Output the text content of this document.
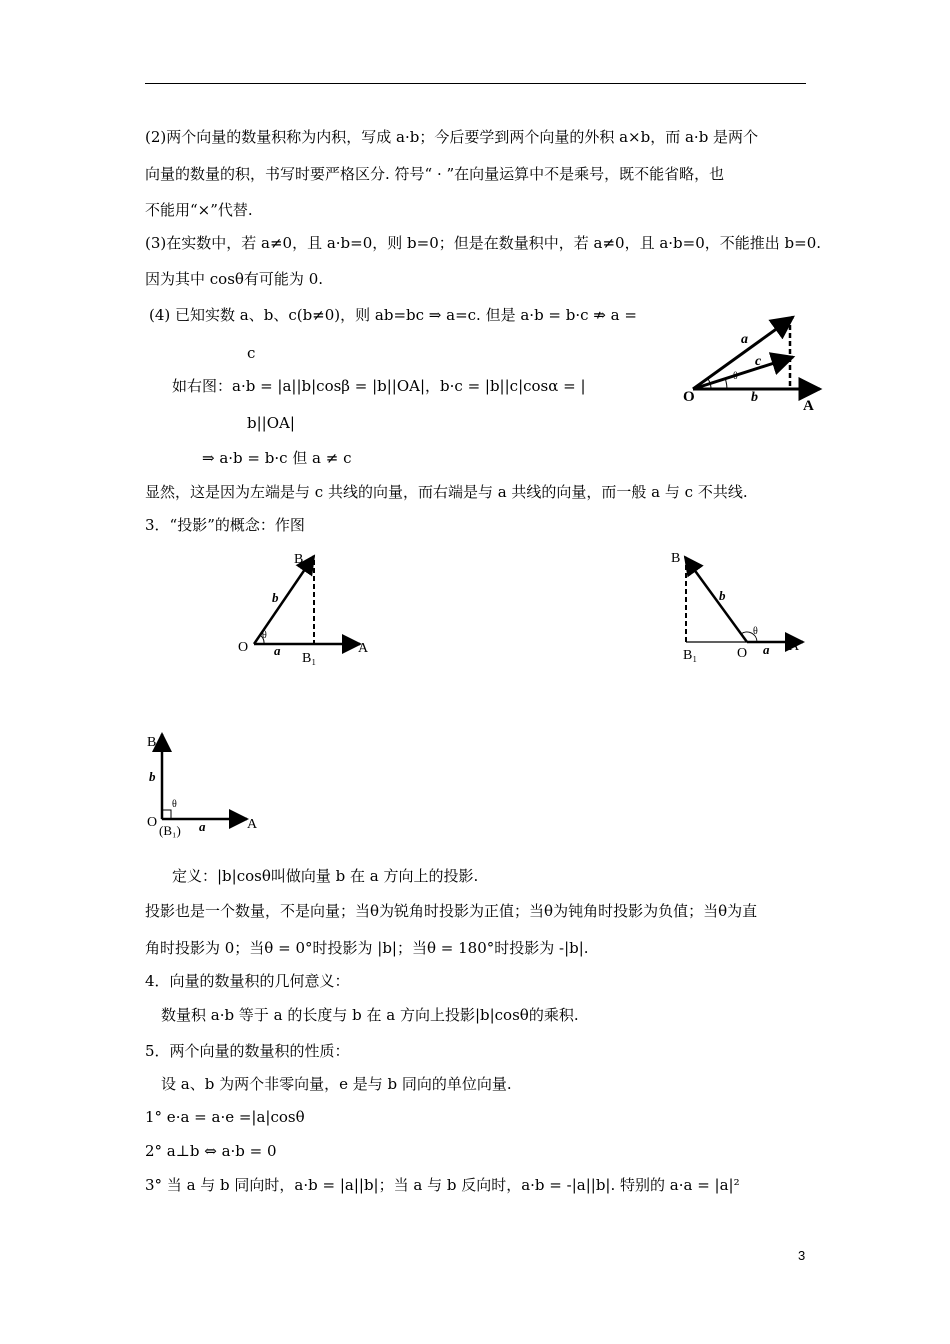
(2)两个向量的数量积称为内积，写成 a·b；今后要学到两个向量的外积 a×b，而 a·b 是两个
向量的数量的积，书写时要严格区分. 符号“ · ”在向量运算中不是乘号，既不能省略，也
不能用“×”代替.
(3)在实数中，若 a≠0，且 a·b=0，则 b=0；但是在数量积中，若 a≠0，且 a·b=0，不能推出 b=0.
因为其中 cosθ有可能为 0.
(4) 已知实数 a、b、c(b≠0)，则 ab=bc ⇒ a=c. 但是 a·b = b·c ⇏ a =
c
如右图：a·b = |a||b|cosβ = |b||OA|，b·c = |b||c|cosα = |
b||OA|
⇒ a·b = b·c 但 a ≠ c
显然，这是因为左端是与 c 共线的向量，而右端是与 a 共线的向量，而一般 a 与 c 不共线.
3．“投影”的概念：作图
O
A
a
c
b
θ
B
O	A
B₁
a
b
θ
B
B₁	O	A
a
b
θ
B
O
(B₁)	A
a
b
θ
定义：|b|cosθ叫做向量 b 在 a 方向上的投影.
投影也是一个数量，不是向量；当θ为锐角时投影为正值；当θ为钝角时投影为负值；当θ为直
角时投影为 0；当θ = 0°时投影为 |b|；当θ = 180°时投影为 -|b|.
4．向量的数量积的几何意义：
数量积 a·b 等于 a 的长度与 b 在 a 方向上投影|b|cosθ的乘积.
5．两个向量的数量积的性质：
设 a、b 为两个非零向量，e 是与 b 同向的单位向量.
1° e·a = a·e =|a|cosθ
2° a⊥b ⇔ a·b = 0
3° 当 a 与 b 同向时，a·b = |a||b|；当 a 与 b 反向时，a·b = -|a||b|. 特别的 a·a = |a|²
3
